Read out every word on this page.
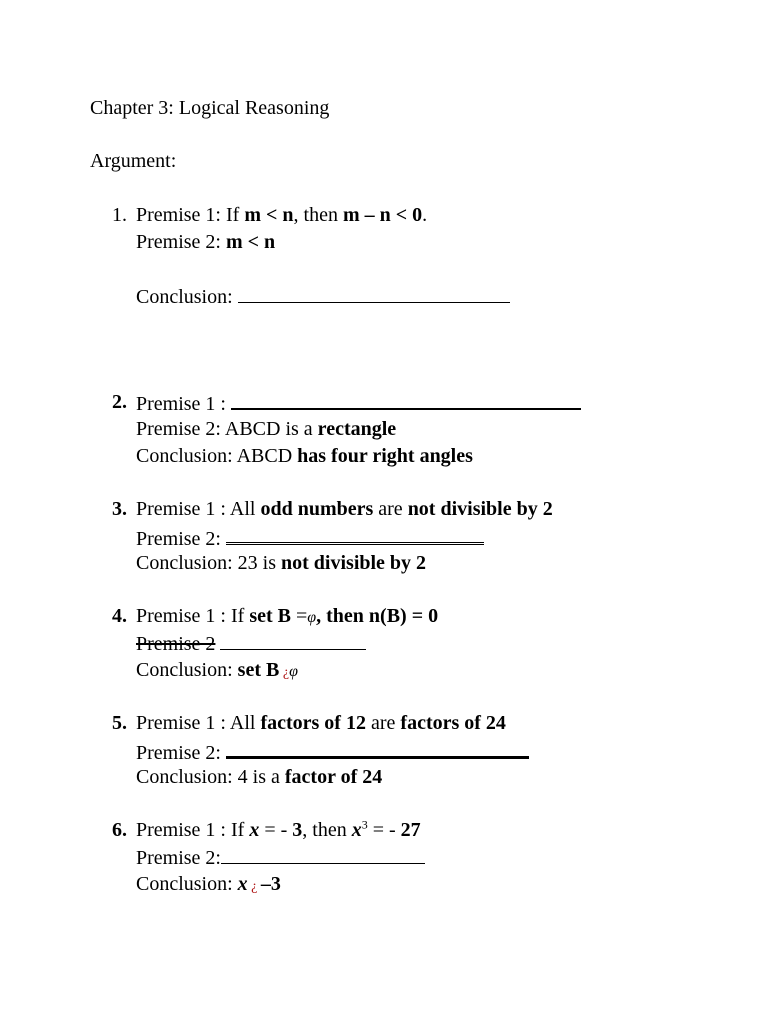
Chapter 3: Logical Reasoning
Argument:
1. Premise 1: If m < n, then m – n < 0.
Premise 2: m < n
Conclusion:
2. Premise 1 :
Premise 2: ABCD is a rectangle
Conclusion: ABCD has four right angles
3. Premise 1 : All odd numbers are not divisible by 2
Premise 2:
Conclusion: 23 is not divisible by 2
4. Premise 1 : If set B =φ, then n(B) = 0
Premise 2
Conclusion: set B ¿φ
5. Premise 1 : All factors of 12 are factors of 24
Premise 2:
Conclusion: 4 is a factor of 24
6. Premise 1 : If x = - 3, then $x^3$ = - 27
Premise 2:
Conclusion: x ¿ –3
